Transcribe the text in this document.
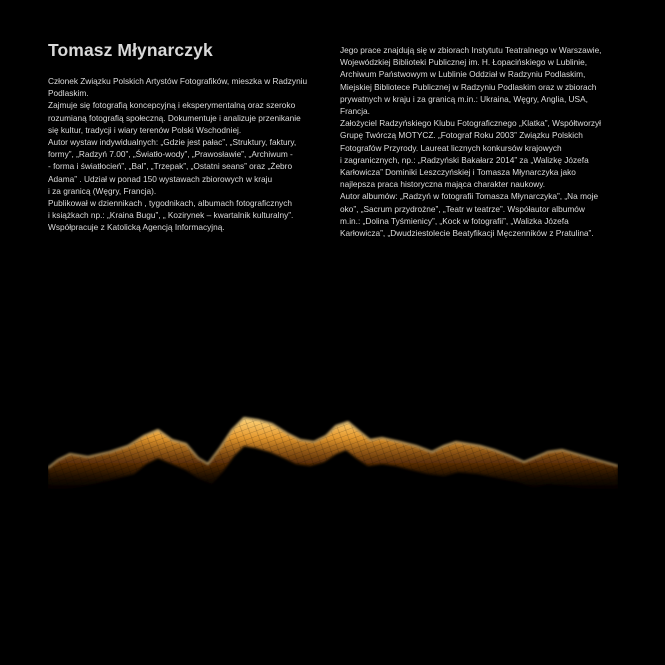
Tomasz Młynarczyk

Członek Związku Polskich Artystów Fotografików, mieszka w Radzyniu
Podlaskim.
Zajmuje się fotografią koncepcyjną i eksperymentalną oraz szeroko
rozumianą fotografią społeczną. Dokumentuje i analizuje przenikanie
się kultur, tradycji i wiary terenów Polski Wschodniej.
Autor wystaw indywidualnych: „Gdzie jest pałac”, „Struktury, faktury,
formy”, „Radzyń 7.00”, „Światło-wody”, „Prawosławie”, „Archiwum -
- forma i światłocień”, „Bal”, „Trzepak”, „Ostatni seans” oraz „Żebro
Adama” . Udział w ponad 150 wystawach zbiorowych w kraju
i za granicą (Węgry, Francja).
Publikował w dziennikach , tygodnikach, albumach fotograficznych
i książkach np.: „Kraina Bugu”, „ Kozirynek – kwartalnik kulturalny”.
Współpracuje z Katolicką Agencją Informacyjną.

Jego prace znajdują się w zbiorach Instytutu Teatralnego w Warszawie,
Wojewódzkiej Biblioteki Publicznej im. H. Łopacińskiego w Lublinie,
Archiwum Państwowym w Lublinie Oddział w Radzyniu Podlaskim,
Miejskiej Bibliotece Publicznej w Radzyniu Podlaskim oraz w zbiorach
prywatnych w kraju i za granicą m.in.: Ukraina, Węgry, Anglia, USA,
Francja.
Założyciel Radzyńskiego Klubu Fotograficznego „Klatka”, Współtworzył
Grupę Twórczą MOTYCZ. „Fotograf Roku 2003” Związku Polskich
Fotografów Przyrody. Laureat licznych konkursów krajowych
i zagranicznych, np.: „Radzyński Bakałarz 2014” za „Walizkę Józefa
Karłowicza” Dominiki Leszczyńskiej i Tomasza Młynarczyka jako
najlepsza praca historyczna mająca charakter naukowy.
Autor albumów: „Radzyń w fotografii Tomasza Młynarczyka”, „Na moje
oko”, „Sacrum przydrożne”, „Teatr w teatrze”. Współautor albumów
m.in.: „Dolina Tyśmienicy”, „Kock w fotografii”, „Walizka Józefa
Karłowicza”, „Dwudziestolecie Beatyfikacji Męczenników z Pratulina”.
